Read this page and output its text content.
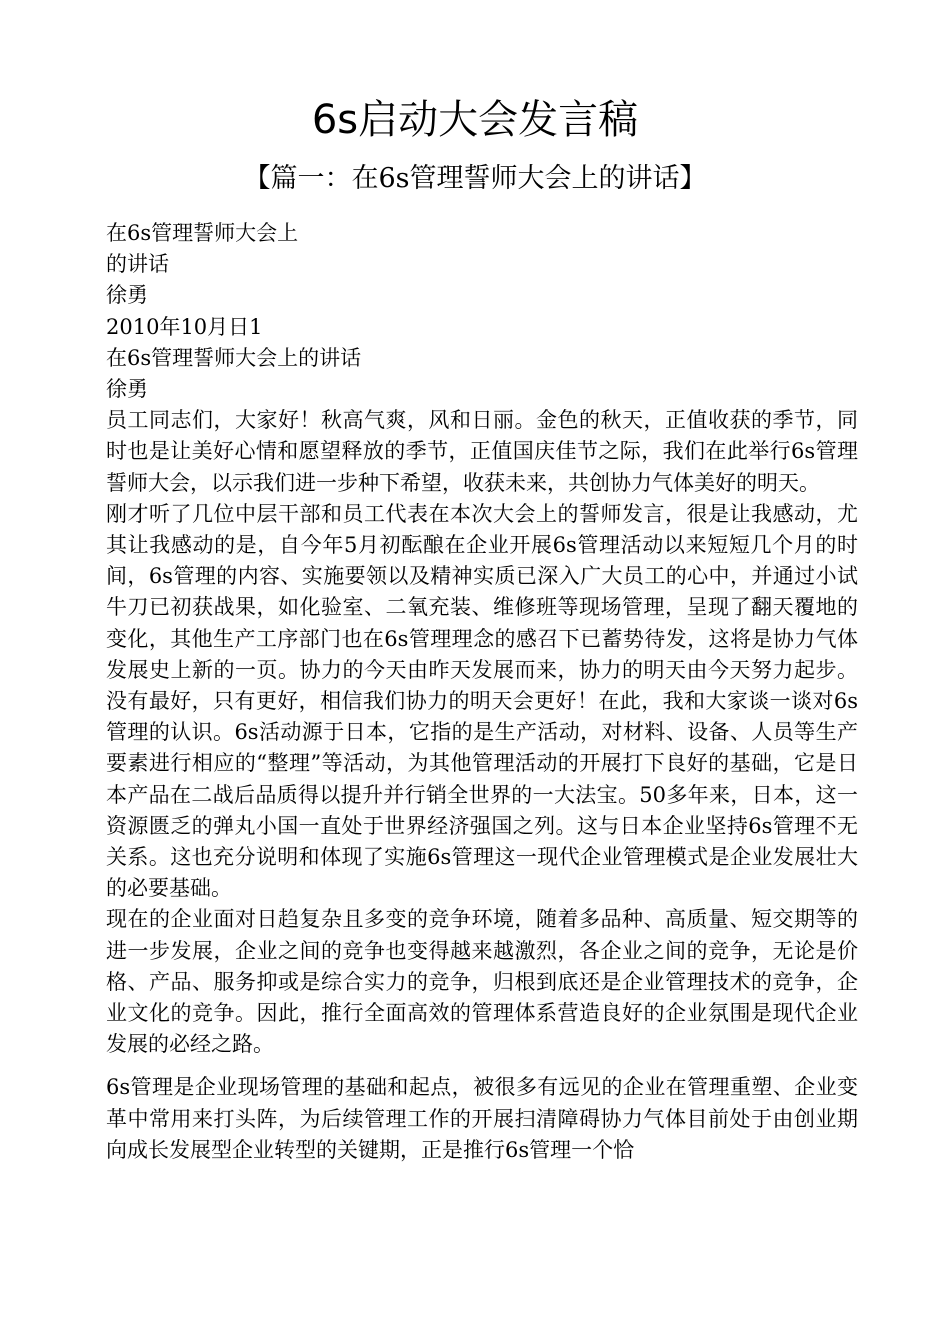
6s启动大会发言稿
【篇一：在6s管理誓师大会上的讲话】

在6s管理誓师大会上

的讲话

徐勇

2010年10月日1

在6s管理誓师大会上的讲话

徐勇

员工同志们，大家好！秋高气爽，风和日丽。金色的秋天，正值收获的季节，同时也是让美好心情和愿望释放的季节，正值国庆佳节之际，我们在此举行6s管理誓师大会，以示我们进一步种下希望，收获未来，共创协力气体美好的明天。

刚才听了几位中层干部和员工代表在本次大会上的誓师发言，很是让我感动，尤其让我感动的是，自今年5月初酝酿在企业开展6s管理活动以来短短几个月的时间，6s管理的内容、实施要领以及精神实质已深入广大员工的心中，并通过小试牛刀已初获战果，如化验室、二氧充装、维修班等现场管理，呈现了翻天覆地的变化，其他生产工序部门也在6s管理理念的感召下已蓄势待发，这将是协力气体发展史上新的一页。协力的今天由昨天发展而来，协力的明天由今天努力起步。没有最好，只有更好，相信我们协力的明天会更好！在此，我和大家谈一谈对6s管理的认识。6s活动源于日本，它指的是生产活动，对材料、设备、人员等生产要素进行相应的“整理”等活动，为其他管理活动的开展打下良好的基础，它是日本产品在二战后品质得以提升并行销全世界的一大法宝。50多年来，日本，这一资源匮乏的弹丸小国一直处于世界经济强国之列。这与日本企业坚持6s管理不无关系。这也充分说明和体现了实施6s管理这一现代企业管理模式是企业发展壮大的必要基础。

现在的企业面对日趋复杂且多变的竞争环境，随着多品种、高质量、短交期等的进一步发展，企业之间的竞争也变得越来越激烈，各企业之间的竞争，无论是价格、产品、服务抑或是综合实力的竞争，归根到底还是企业管理技术的竞争，企业文化的竞争。因此，推行全面高效的管理体系营造良好的企业氛围是现代企业发展的必经之路。

6s管理是企业现场管理的基础和起点，被很多有远见的企业在管理重塑、企业变革中常用来打头阵，为后续管理工作的开展扫清障碍协力气体目前处于由创业期向成长发展型企业转型的关键期，正是推行6s管理一个恰
